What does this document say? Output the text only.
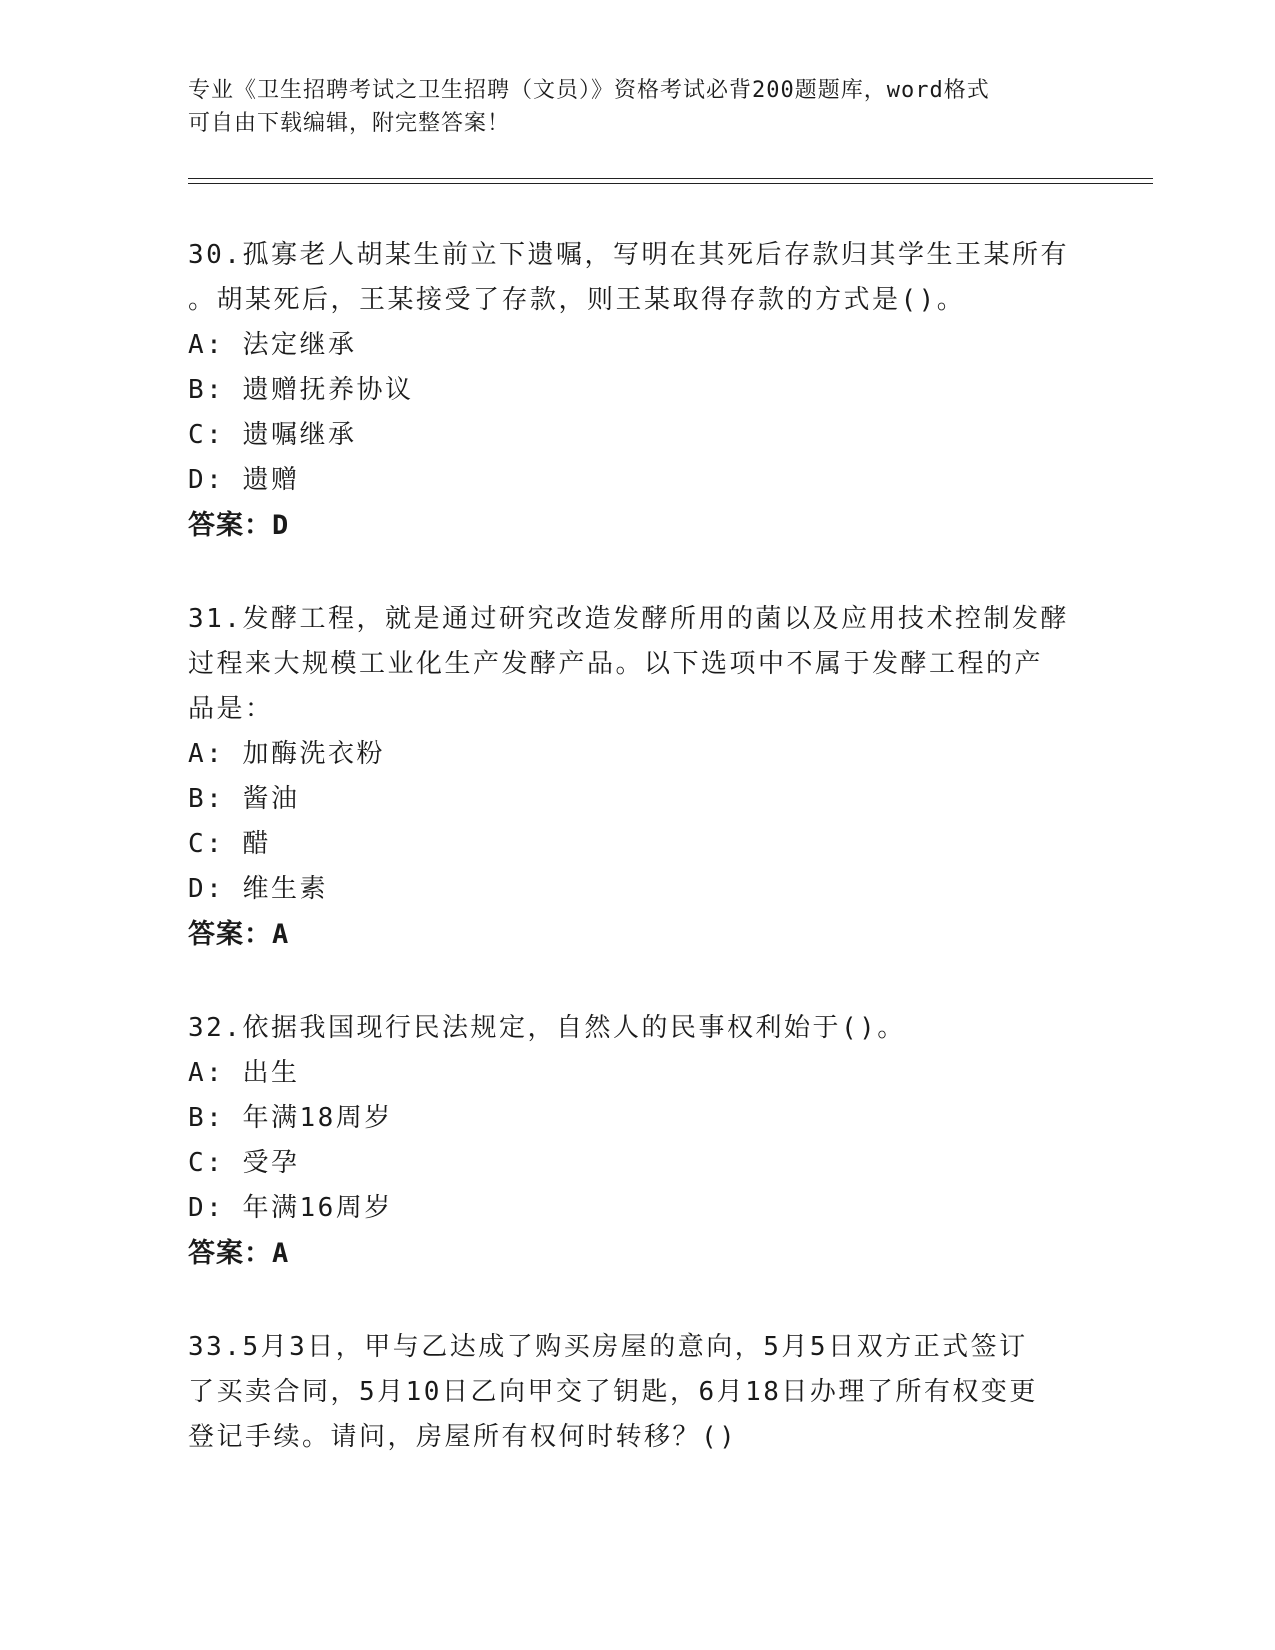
专业《卫生招聘考试之卫生招聘（文员）》资格考试必背200题题库，word格式
可自由下载编辑，附完整答案！

30.孤寡老人胡某生前立下遗嘱，写明在其死后存款归其学生王某所有

。胡某死后，王某接受了存款，则王某取得存款的方式是()。

A: 法定继承

B: 遗赠抚养协议

C: 遗嘱继承

D: 遗赠

答案：D

31.发酵工程，就是通过研究改造发酵所用的菌以及应用技术控制发酵

过程来大规模工业化生产发酵产品。以下选项中不属于发酵工程的产

品是：

A: 加酶洗衣粉

B: 酱油

C: 醋

D: 维生素

答案：A

32.依据我国现行民法规定，自然人的民事权利始于()。

A: 出生

B: 年满18周岁

C: 受孕

D: 年满16周岁

答案：A

33.5月3日，甲与乙达成了购买房屋的意向，5月5日双方正式签订

了买卖合同，5月10日乙向甲交了钥匙，6月18日办理了所有权变更

登记手续。请问，房屋所有权何时转移？()
